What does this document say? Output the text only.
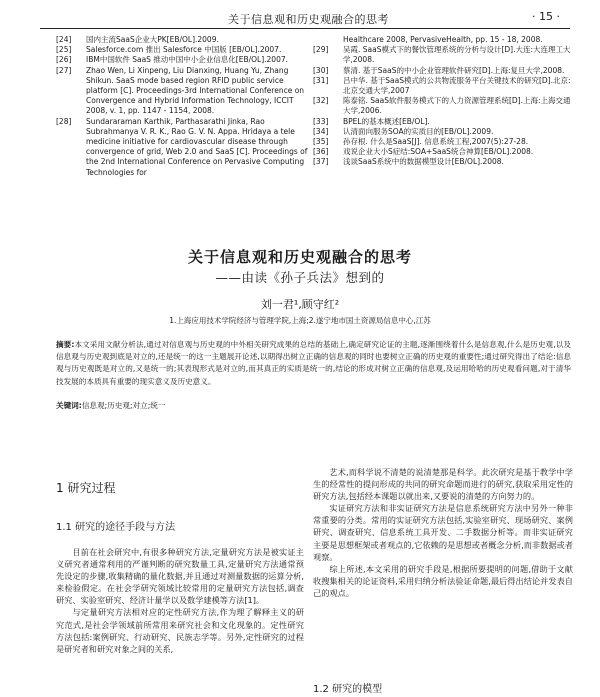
关于信息观和历史观融合的思考	· 15 ·

[24] 国内主流SaaS企业大PK[EB/OL].2009.

[25] Salesforce.com 推出 Salesforce 中国版 [EB/OL].2007.

[26] IBM中国软件 SaaS 推动中国中小企业信息化[EB/OL].2007.

[27] Zhao Wen, Li Xinpeng, Liu Dianxing, Huang Yu, Zhang Shikun. SaaS mode based region RFID public service platform [C]. Proceedings-3rd International Conference on Convergence and Hybrid Information Technology, ICCIT 2008, v. 1, pp. 1147 - 1154, 2008.

[28] Sundararaman Karthik, Parthasarathi Jinka, Rao Subrahmanya V. R. K., Rao G. V. N. Appa. Hridaya a tele medicine initiative for cardiovascular disease through convergence of grid, Web 2.0 and SaaS [C]. Proceedings of the 2nd International Conference on Pervasive Computing Technologies for

Healthcare 2008, PervasiveHealth, pp. 15 - 18, 2008.

[29] 吴霞. SaaS模式下的餐饮管理系统的分析与设计[D].大连:大连理工大学,2008.

[30] 蔡清. 基于SaaS的中小企业管理软件研究[D].上海:复旦大学,2008.

[31] 吕中华. 基于SaaS模式的公共物流服务平台关键技术的研究[D].北京:北京交通大学,2007

[32] 陈泰铭. SaaS软件服务模式下的人力资源管理系统[D].上海:上海交通大学,2006.

[33] BPEL的基本概述[EB/OL].

[34] 认清面向服务SOA的实质目的[EB/OL].2009.

[35] 孙存根. 什么是SaaS[J]. 信息系统工程,2007(5):27-28.

[36] 戏说企业大小S症结:SOA+SaaS统合神算[EB/OL].2008.

[37] 浅谈SaaS系统中的数据模型设计[EB/OL].2008.

关于信息观和历史观融合的思考
——由读《孙子兵法》想到的
刘一君¹,顾守红²
1.上海应用技术学院经济与管理学院,上海;2.遂宁地市国土资源局信息中心,江苏
摘要:本文采用文献分析法,通过对信息观与历史观的中外相关研究成果的总结的基础上,确定研究论证的主题,逐渐围绕着什么是信息观,什么是历史观,以及信息观与历史观到底是对立的,还是统一的这一主题展开论述,以期得出树立正确的信息观的同时也要树立正确的历史观的重要性;通过研究得出了结论:信息观与历史观既是对立的,又是统一的;其表现形式是对立的,而其真正的实质是统一的,结论的形成对树立正确的信息观,及运用哈哈的历史观看问题,对于清华技发展的本质具有重要的现实意义及历史意义。
关键词:信息观;历史观;对立;统一
1 研究过程
1.1 研究的途径手段与方法

目前在社会研究中,有很多种研究方法,定量研究方法是被实证主义研究者通常利用的严谨判断的研究数量工具,定量研究方法通常预先设定的步骤,收集精确的量化数据,并且通过对测量数据的运算分析,来检验假定。在社会学研究领域比较常用的定量研究方法包括,调查研究、实验室研究、经济计量学以及数学建模等方法[1]。

与定量研究方法相对应的定性研究方法,作为理了解释主义的研究范式,是社会学领域前所常用来研究社会和文化现象的。定性研究方法包括:案例研究、行动研究、民族志学等。另外,定性研究的过程是研究者和研究对象之间的关系,

艺术,而科学说不清楚的说清楚那是科学。此次研究是基于教学中学生的经常性的提问形成的共同的研究命题而进行的研究,获取采用定性的研究方法,包括经本课题以就出来,又要说的清楚的方向努力的。

实证研究方法和非实证研究方法是信息系统研究方法中另外一种非常重要的分类。常用的实证研究方法包括,实验室研究、现场研究、案例研究、调查研究、信息系统工具开发、二手数据分析等。而非实证研究主要是思想框架或者观点的,它依赖的是思想或者概念分析,而非数据或者观察。

综上所述,本文采用的研究手段是,根据所要提明的问题,借助于文献收搜集相关的论证资料,采用归纳分析法验证命题,最后得出结论并发表自己的观点。

1.2 研究的模型
